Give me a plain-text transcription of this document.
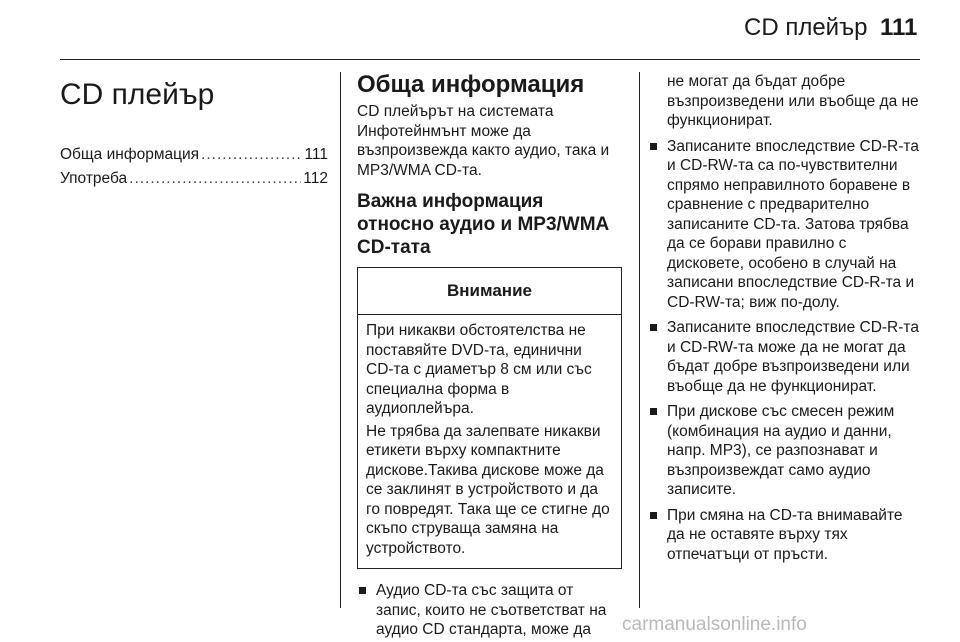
CD плейър 111
CD плейър
Обща информация .....	111
Употреба .....	112
Обща информация

CD плейърът на системата Инфотейнмънт може да възпроизвежда както аудио, така и MP3/WMA CD-та.

Важна информация относно аудио и MP3/WMA CD-тата
Внимание

При никакви обстоятелства не поставяйте DVD-та, единични CD-та с диаметър 8 см или със специална форма в аудиоплейъра.

Не трябва да залепвате никакви етикети върху компактните дискове.Такива дискове може да се заклинят в устройството и да го повредят. Така ще се стигне до скъпо струваща замяна на устройството.

Аудио CD-та със защита от запис, които не съответстват на аудио CD стандарта, може да

не могат да бъдат добре възпроизведени или въобще да не функционират.

Записаните впоследствие CD-R-та и CD-RW-та са по-чувствителни спрямо неправилното боравене в сравнение с предварително записаните CD-та. Затова трябва да се борави правилно с дисковете, особено в случай на записани впоследствие CD-R-та и CD-RW-та; виж по-долу.
Записаните впоследствие CD-R-та и CD-RW-та може да не могат да бъдат добре възпроизведени или въобще да не функционират.
При дискове със смесен режим (комбинация на аудио и данни, напр. MP3), се разпознават и възпроизвеждат само аудио записите.
При смяна на CD-та внимавайте да не оставяте върху тях отпечатъци от пръсти.
carmanualsonline.info
